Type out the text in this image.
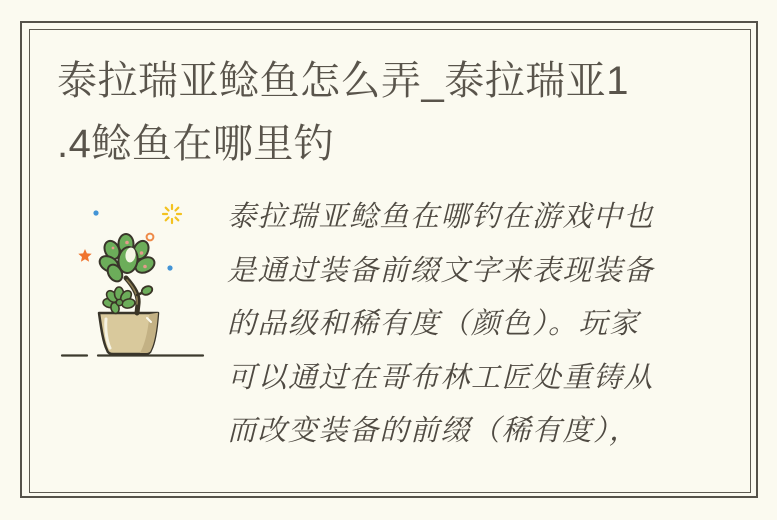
泰拉瑞亚鲶鱼怎么弄_泰拉瑞亚1
.4鲶鱼在哪里钓
泰拉瑞亚鲶鱼在哪钓在游戏中也
是通过装备前缀文字来表现装备
的品级和稀有度（颜色）。玩家
可以通过在哥布林工匠处重铸从
而改变装备的前缀（稀有度），
